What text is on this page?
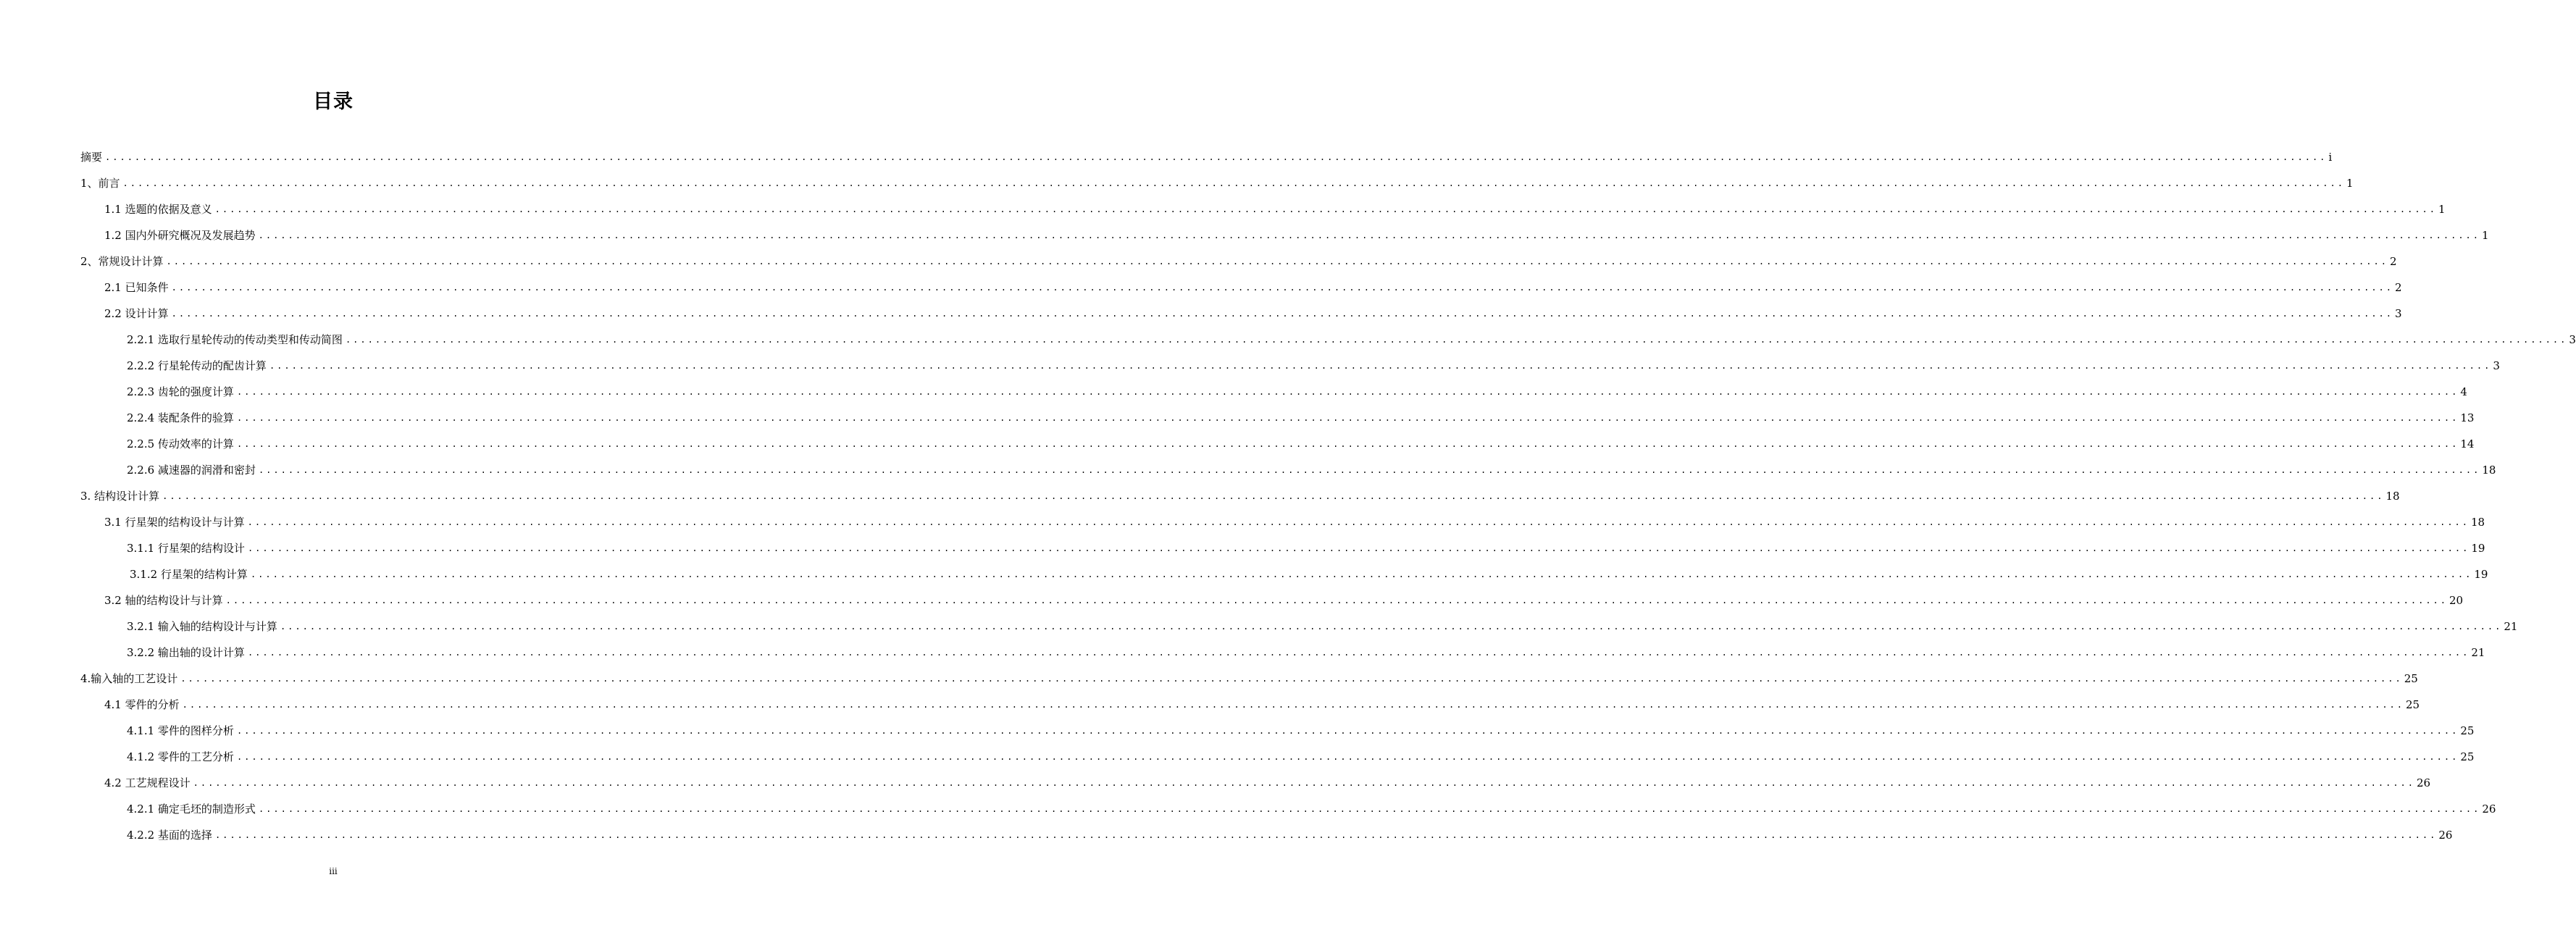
目录
摘要 ............................................................................................................................................................................................................................................................................................................ i
1、前言 ............................................................................................................................................................................................................................................................................................................ 1
1.1 选题的依据及意义 ............................................................................................................................................................................................................................................................................................................ 1
1.2 国内外研究概况及发展趋势 ............................................................................................................................................................................................................................................................................................................ 1
2、常规设计计算 ............................................................................................................................................................................................................................................................................................................ 2
2.1 已知条件 ............................................................................................................................................................................................................................................................................................................ 2
2.2 设计计算 ............................................................................................................................................................................................................................................................................................................ 3
2.2.1 选取行星轮传动的传动类型和传动简图 ............................................................................................................................................................................................................................................................................................................ 3
2.2.2 行星轮传动的配齿计算 ............................................................................................................................................................................................................................................................................................................ 3
2.2.3 齿轮的强度计算 ............................................................................................................................................................................................................................................................................................................ 4
2.2.4 装配条件的验算 ............................................................................................................................................................................................................................................................................................................ 13
2.2.5 传动效率的计算 ............................................................................................................................................................................................................................................................................................................ 14
2.2.6 减速器的润滑和密封 ............................................................................................................................................................................................................................................................................................................ 18
3. 结构设计计算 ............................................................................................................................................................................................................................................................................................................ 18
3.1 行星架的结构设计与计算 ............................................................................................................................................................................................................................................................................................................ 18
3.1.1 行星架的结构设计 ............................................................................................................................................................................................................................................................................................................ 19
3.1.2 行星架的结构计算 ............................................................................................................................................................................................................................................................................................................ 19
3.2 轴的结构设计与计算 ............................................................................................................................................................................................................................................................................................................ 20
3.2.1 输入轴的结构设计与计算 ............................................................................................................................................................................................................................................................................................................ 21
3.2.2 输出轴的设计计算 ............................................................................................................................................................................................................................................................................................................ 21
4.输入轴的工艺设计 ............................................................................................................................................................................................................................................................................................................ 25
4.1 零件的分析 ............................................................................................................................................................................................................................................................................................................ 25
4.1.1 零件的图样分析 ............................................................................................................................................................................................................................................................................................................ 25
4.1.2 零件的工艺分析 ............................................................................................................................................................................................................................................................................................................ 25
4.2 工艺规程设计 ............................................................................................................................................................................................................................................................................................................ 26
4.2.1 确定毛坯的制造形式 ............................................................................................................................................................................................................................................................................................................ 26
4.2.2 基面的选择 ............................................................................................................................................................................................................................................................................................................ 26
iii
